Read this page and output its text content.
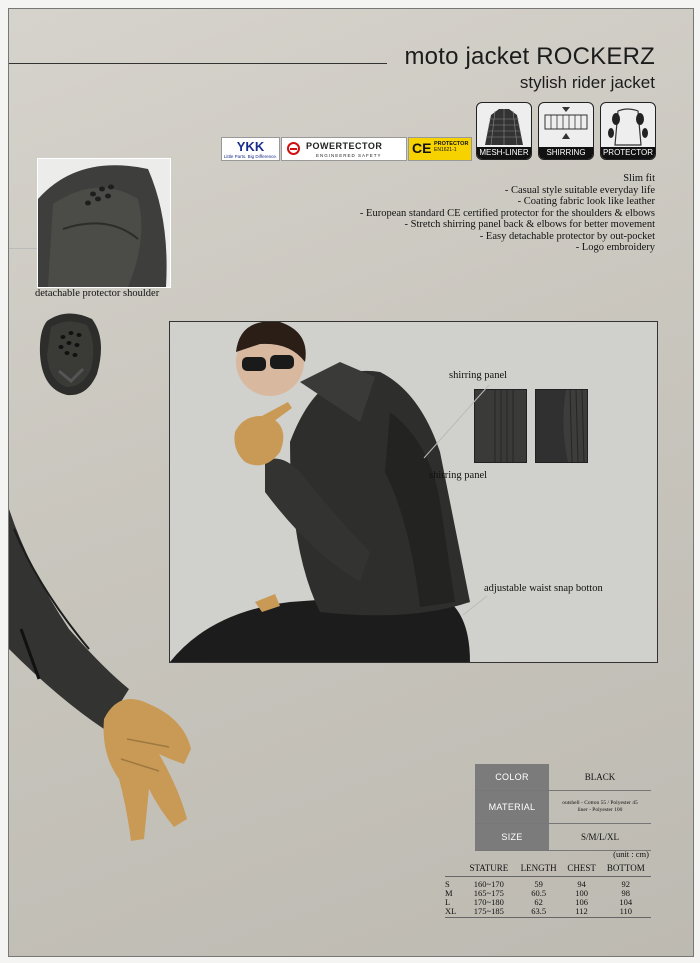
moto jacket ROCKERZ
stylish rider jacket
MESH-LINER	SHIRRING	PROTECTOR
YKK
Little Parts. Big Difference.
POWERTECTOR
ENGINEERED SAFETY CE PROTECTOR
EN1621-1
Slim fit
- Casual style suitable everyday life
- Coating fabric look like leather
- European standard CE certified protector for the shoulders & elbows
- Stretch shirring panel back & elbows for better movement
- Easy detachable protector by out-pocket
- Logo embroidery
detachable protector shoulder
shirring panel
shirring panel
adjustable waist snap botton
COLOR	BLACK
MATERIAL	outshell - Cotton 55 / Polyester 45
liner - Polyester 100

SIZE	S/M/L/XL
(unit : cm)
	STATURE	LENGTH	CHEST	BOTTOM
S	160~170	59	94	92
M	165~175	60.5	100	98
L	170~180	62	106	104
XL	175~185	63.5	112	110
